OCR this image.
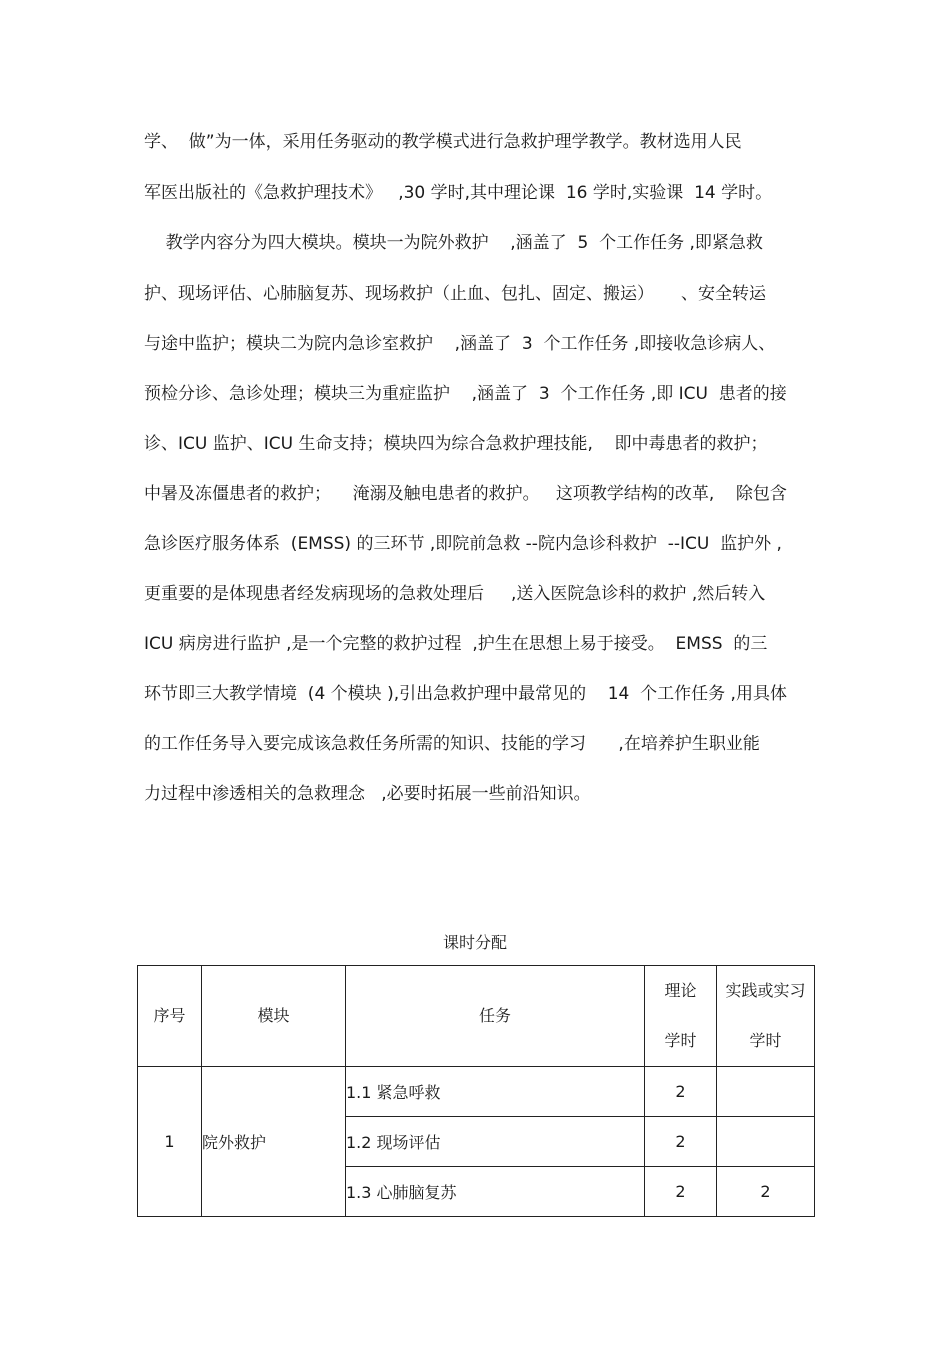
学、  做”为一体，采用任务驱动的教学模式进行急救护理学教学。教材选用人民
军医出版社的《急救护理技术》   ,30 学时,其中理论课  16 学时,实验课  14 学时。
教学内容分为四大模块。模块一为院外救护    ,涵盖了  5  个工作任务 ,即紧急救
护、现场评估、心肺脑复苏、现场救护（止血、包扎、固定、搬运）     、安全转运
与途中监护；模块二为院内急诊室救护    ,涵盖了  3  个工作任务 ,即接收急诊病人、
预检分诊、急诊处理；模块三为重症监护    ,涵盖了  3  个工作任务 ,即 ICU  患者的接
诊、ICU 监护、ICU 生命支持；模块四为综合急救护理技能,    即中毒患者的救护；
中暑及冻僵患者的救护；    淹溺及触电患者的救护。   这项教学结构的改革,    除包含
急诊医疗服务体系  (EMSS) 的三环节 ,即院前急救 --院内急诊科救护  --ICU  监护外 ,
更重要的是体现患者经发病现场的急救处理后     ,送入医院急诊科的救护 ,然后转入
ICU 病房进行监护 ,是一个完整的救护过程  ,护生在思想上易于接受。  EMSS  的三
环节即三大教学情境  (4 个模块 ),引出急救护理中最常见的    14  个工作任务 ,用具体
的工作任务导入要完成该急救任务所需的知识、技能的学习      ,在培养护生职业能
力过程中渗透相关的急救理念   ,必要时拓展一些前沿知识。
课时分配
序号	模块	任务	理论学时	实践或实习学时
1	院外救护	1.1 紧急呼救	2	
		1.2 现场评估	2	
		1.3 心肺脑复苏	2	2
